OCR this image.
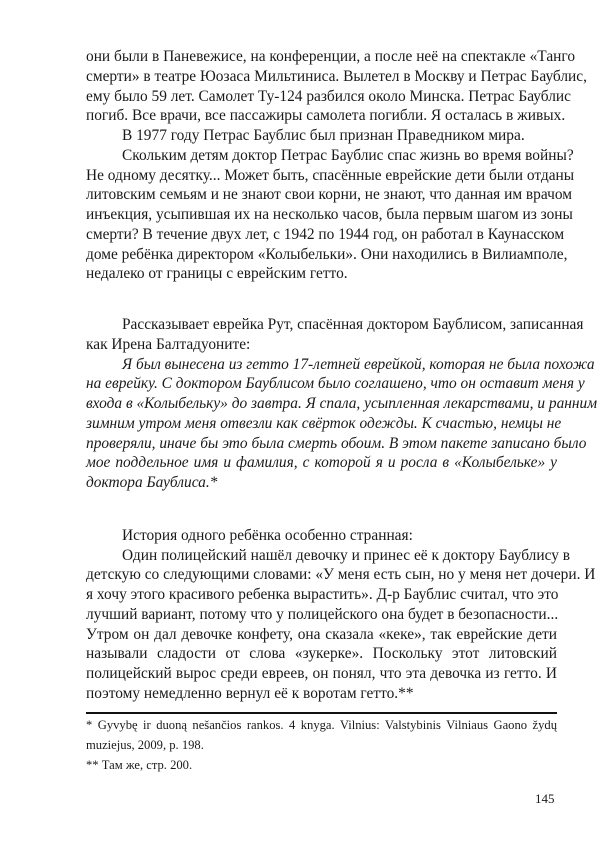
они были в Паневежисе, на конференции, а после неё на спектакле «Танго
смерти» в театре Юозаса Мильтиниса. Вылетел в Москву и Петрас Баублис,
ему было 59 лет. Самолет Ту-124 разбился около Минска. Петрас Баублис
погиб. Все врачи, все пассажиры самолета погибли. Я осталась в живых.
В 1977 году Петрас Баублис был признан Праведником мира.
Скольким детям доктор Петрас Баублис спас жизнь во время войны?
Не одному десятку... Может быть, спасённые еврейские дети были отданы
литовским семьям и не знают свои корни, не знают, что данная им врачом
инъекция, усыпившая их на несколько часов, была первым шагом из зоны
смерти? В течение двух лет, с 1942 по 1944 год, он работал в Каунасском
доме ребёнка директором «Колыбельки». Они находились в Вилиамполе,
недалеко от границы с еврейским гетто.
Рассказывает еврейка Рут, спасённая доктором Баублисом, записанная
как Ирена Балтадуоните:
Я был вынесена из гетто 17-летней еврейкой, которая не была похожа
на еврейку. С доктором Баублисом было соглашено, что он оставит меня у
входа в «Колыбельку» до завтра. Я спала, усыпленная лекарствами, и ранним
зимним утром меня отвезли как свёрток одежды. К счастью, немцы не
проверяли, иначе бы это была смерть обоим. В этом пакете записано было
мое поддельное имя и фамилия, с которой я и росла в «Колыбельке» у
доктора Баублиса.*
История одного ребёнка особенно странная:
Один полицейский нашёл девочку и принес её к доктору Баублису в
детскую со следующими словами: «У меня есть сын, но у меня нет дочери. И
я хочу этого красивого ребенка вырастить». Д-р Баублис считал, что это
лучший вариант, потому что у полицейского она будет в безопасности...
Утром он дал девочке конфету, она сказала «кеке», так еврейские дети
называли сладости от слова «зукерке». Поскольку этот литовский
полицейский вырос среди евреев, он понял, что эта девочка из гетто. И
поэтому немедленно вернул её к воротам гетто.**
* Gyvybę ir duoną nešančios rankos. 4 knyga. Vilnius: Valstybinis Vilniaus Gaono žydų
muziejus, 2009, p. 198.
** Там же, стр. 200.
145
